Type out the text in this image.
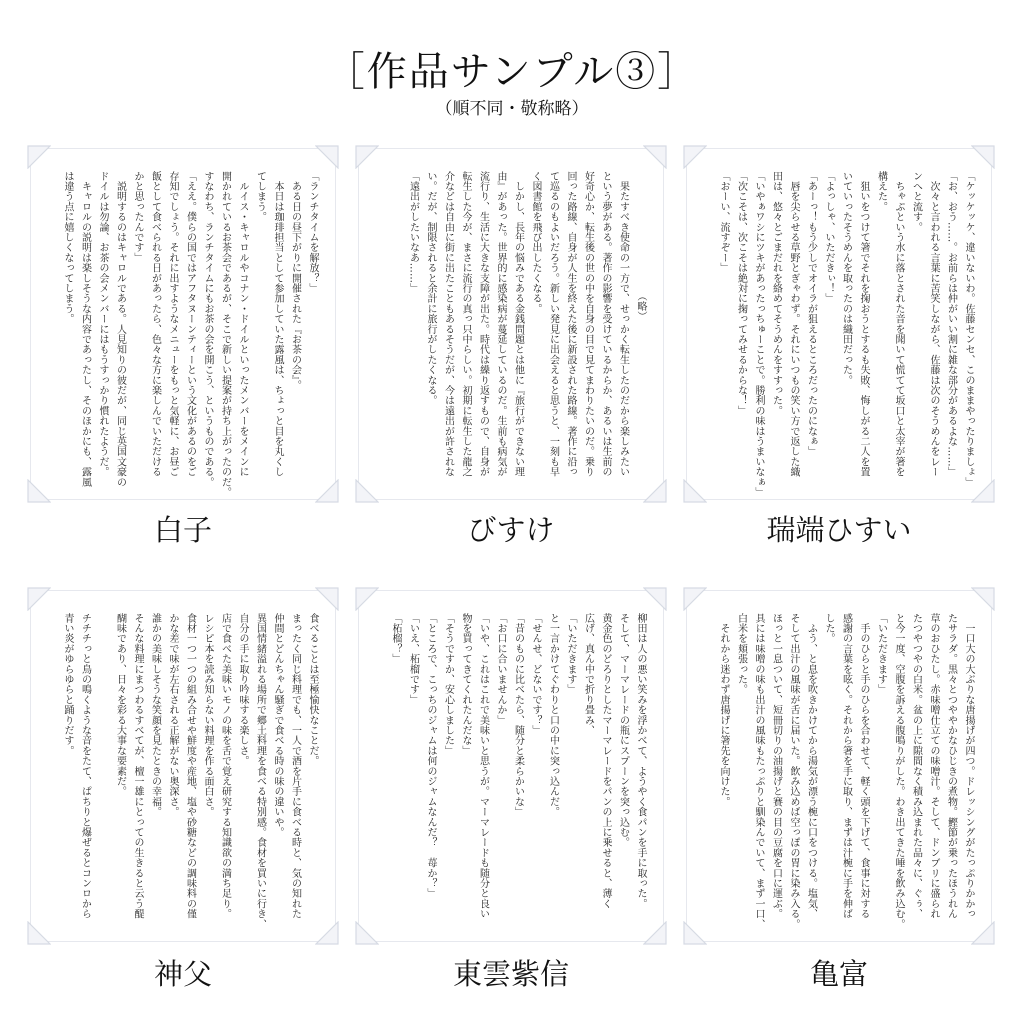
［作品サンプル③］
（順不同・敬称略）
「ランチタイムを解放？」
　ある日の昼下がりに開催された『お茶の会』。
　本日は珈琲担当として参加していた露風は、ちょっと目を丸くし
てしまう。
　ルイス・キャロルやコナン・ドイルといったメンバーをメインに
開かれているお茶会であるが、そこで新しい提案が持ち上がったのだ。
すなわち、ランチタイムにもお茶の会を開こう、というものである。
「ええ。僕らの国ではアフタヌーンティーという文化があるのをご
存知でしょう。それに出すようなメニューをもっと気軽に、お昼ご
飯として食べられる日があったら、色々な方に楽しんでいただける
かと思ったんです」
　説明するのはキャロルである。人見知りの彼だが、同じ英国文豪の
ドイルは勿論、お茶の会メンバーにはもうすっかり慣れたようだ。
　キャロルの説明は楽しそうな内容であったし、そのほかにも、露風
は違う点に嬉しくなってしまう。
白子
（略）
　果たすべき使命の一方で、せっかく転生したのだから楽しみたい
という夢がある。著作の影響を受けているからか、あるいは生前の
好奇心か、転生後の世の中を自身の目で見てまわりたいのだ。乗り
回った路線、自身が人生を終えた後に新設された路線。著作に沿っ
て巡るのもよいだろう。新しい発見に出会えると思うと、一刻も早
く図書館を飛び出したくなる。
　しかし、長年の悩みである金銭問題とは他に『旅行ができない理
由』があった。世界的に感染病が蔓延しているのだ。生前も病気が
流行り、生活に大きな支障が出た。時代は繰り返すもので、自身が
転生した今が、まさに流行の真っ只中らしい。初期に転生した龍之
介などは自由に街に出たこともあるそうだが、今は遠出が許されな
い。だが、制限されると余計に旅行がしたくなる。
「遠出がしたいなあ……」
びすけ
「ケッケッケ、違いないわ。佐藤センセ、このままやったりましょ」
「お、おう……。お前らは仲がいい割に雑な部分があるよな……」
　次々と言われる言葉に苦笑しながら、佐藤は次のそうめんをレー
ンへと流す。
　ちゃぷという水に落とされた音を聞いて慌てて坂口と太宰が箸を
構えた。
　狙いをつけて箸でそれを掬おうとするも失敗、悔しがる二人を置
いていったそうめんを取ったのは織田だった。
「よっしゃ、いただきぃ！」
「あーっ！もう少しでオイラが狙えるところだったのになぁ」
　唇を尖らせる草野とぎゃわず。それにいつもの笑い方で返した織
田は、悠々とごまだれを絡めてそうめんをすすった。
「いやぁワシにツキがあったっちゅーことで。勝利の味はうまいなぁ」
「次こそは、次こそは絶対に掬ってみせるからな！」
「おーい、流すぞー」
瑞端ひすい
食べることは至極愉快なことだ。
まったく同じ料理でも、一人で酒を片手に食べる時と、気の知れた
仲間とどんちゃん騒ぎで食べる時の味の違いや。
異国情緒溢れる場所で郷土料理を食べる特別感。食材を買いに行き、
自分の手に取り吟味する楽しさ。
店で食べた美味いモノの味を舌で覚え研究する知識欲の満ち足り。
レシピ本を読み知らない料理を作る面白さ。
食材一つ一つの組み合せや鮮度や産地、塩や砂糖などの調味料の僅
かな差で味が左右される正解がない奥深さ。
誰かの美味しそうな笑顔を見たときの幸福。
そんな料理にまつわるすべてが、檀一雄にとっての生きると云う醍
醐味であり、日々を彩る大事な要素だ。

チチチっと鳥の鳴くような音をたて、ぱちりと爆ぜるとコンロから
青い炎がゆらゆらと踊りだす。
神父
柳田は人の悪い笑みを浮かべて、ようやく食パンを手に取った。
そして、マーマレードの瓶にスプーンを突っ込む。
黄金色のどろりとしたマーマレードをパンの上に乗せると、薄く
広げ、真ん中で折り畳み、
「いただきます」
と一言かけてぐわりと口の中に突っ込んだ。
「せんせ、どないです？」
「昔のものに比べたら、随分と柔らかいな」
「お口に合いませんか」
「いや、これはこれで美味いと思うが。マーマレードも随分と良い
物を買ってきてくれたんだな」
「そうですか、安心しました」
「ところで、こっちのジャムは何のジャムなんだ？　苺か？」
「いえ、柘榴です」
「柘榴？」
東雲紫信
　一口大の大ぶりな唐揚げが四つ。ドレッシングがたっぷりかかっ
たサラダ。黒々とつややかなひじきの煮物。鰹節が乗ったほうれん
草のおひたし。赤味噌仕立ての味噌汁。そして、ドンブリに盛られ
たつやつやの白米。盆の上に隙間なく積み込まれた品々に、ぐぅ、
と今一度、空腹を訴える腹鳴りがした。わき出てきた唾を飲み込む。
「いただきます」
　手のひらと手のひらを合わせて、軽く頭を下げて、食事に対する
感謝の言葉を呟く。それから箸を手に取り、まずは汁椀に手を伸ば
した。
　ふう、と息を吹きかけてから湯気が漂う椀に口をつける。塩気、
そして出汁の風味が舌に届いた。飲み込めば空っぽの胃に染み入る。
ほっと一息ついて、短冊切りの油揚げと賽の目の豆腐を口に運ぶ。
具には味噌の味も出汁の風味もたっぷりと馴染んでいて、まず一口、
白米を頬張った。
　それから迷わず唐揚げに箸先を向けた。
亀富
